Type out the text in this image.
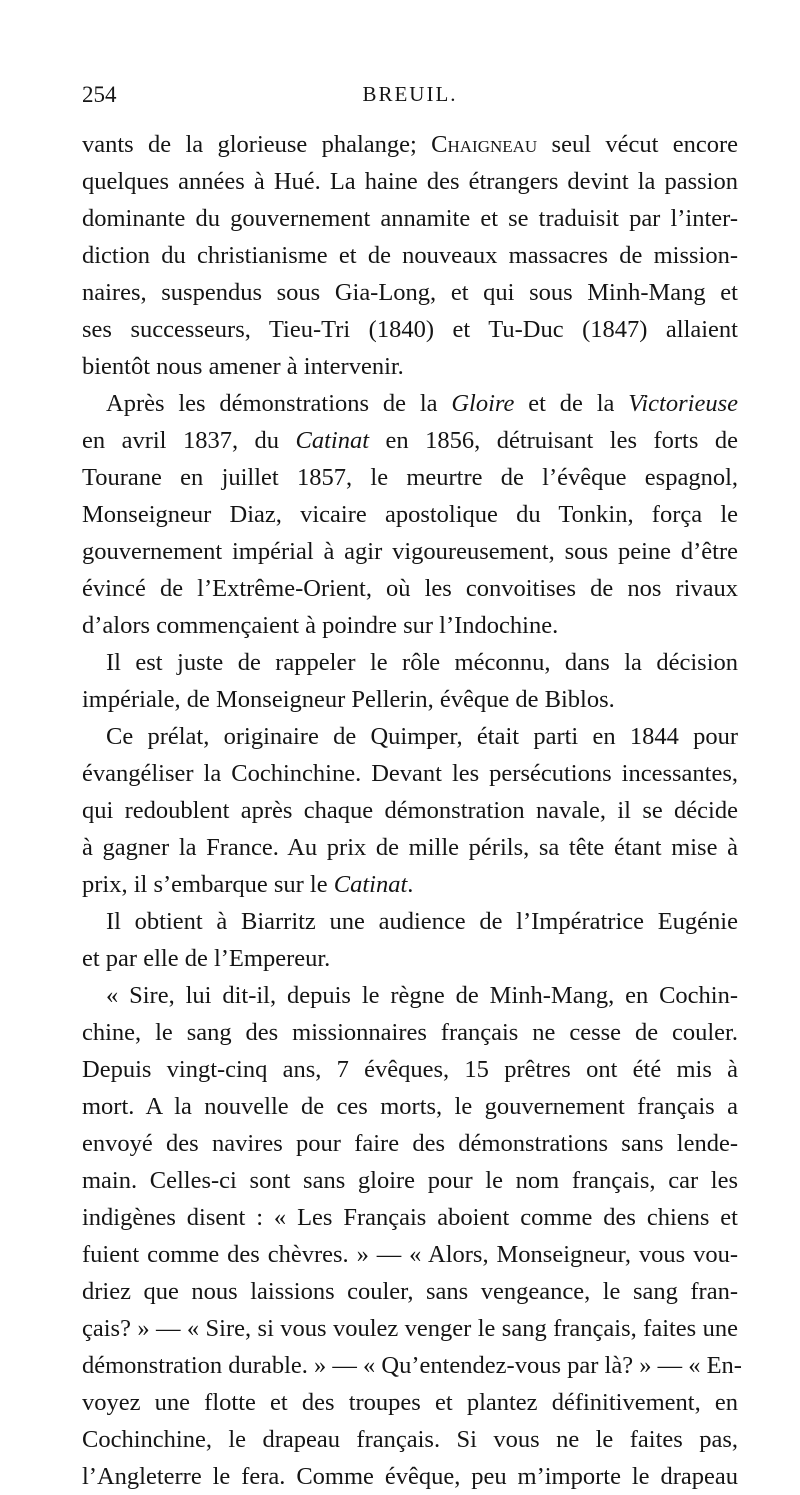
254	BREUIL.
vants de la glorieuse phalange; Chaigneau seul vécut encore
quelques années à Hué. La haine des étrangers devint la passion
dominante du gouvernement annamite et se traduisit par l’inter-
diction du christianisme et de nouveaux massacres de mission-
naires, suspendus sous Gia-Long, et qui sous Minh-Mang et
ses successeurs, Tieu-Tri (1840) et Tu-Duc (1847) allaient
bientôt nous amener à intervenir.
Après les démonstrations de la Gloire et de la Victorieuse
en avril 1837, du Catinat en 1856, détruisant les forts de
Tourane en juillet 1857, le meurtre de l’évêque espagnol,
Monseigneur Diaz, vicaire apostolique du Tonkin, força le
gouvernement impérial à agir vigoureusement, sous peine d’être
évincé de l’Extrême-Orient, où les convoitises de nos rivaux
d’alors commençaient à poindre sur l’Indochine.
Il est juste de rappeler le rôle méconnu, dans la décision
impériale, de Monseigneur Pellerin, évêque de Biblos.
Ce prélat, originaire de Quimper, était parti en 1844 pour
évangéliser la Cochinchine. Devant les persécutions incessantes,
qui redoublent après chaque démonstration navale, il se décide
à gagner la France. Au prix de mille périls, sa tête étant mise à
prix, il s’embarque sur le Catinat.
Il obtient à Biarritz une audience de l’Impératrice Eugénie
et par elle de l’Empereur.
« Sire, lui dit-il, depuis le règne de Minh-Mang, en Cochin-
chine, le sang des missionnaires français ne cesse de couler.
Depuis vingt-cinq ans, 7 évêques, 15 prêtres ont été mis à
mort. A la nouvelle de ces morts, le gouvernement français a
envoyé des navires pour faire des démonstrations sans lende-
main. Celles-ci sont sans gloire pour le nom français, car les
indigènes disent : « Les Français aboient comme des chiens et
fuient comme des chèvres. » — « Alors, Monseigneur, vous vou-
driez que nous laissions couler, sans vengeance, le sang fran-
çais? » — « Sire, si vous voulez venger le sang français, faites une
démonstration durable. » — « Qu’entendez-vous par là? » — « En-
voyez une flotte et des troupes et plantez définitivement, en
Cochinchine, le drapeau français. Si vous ne le faites pas,
l’Angleterre le fera. Comme évêque, peu m’importe le drapeau
